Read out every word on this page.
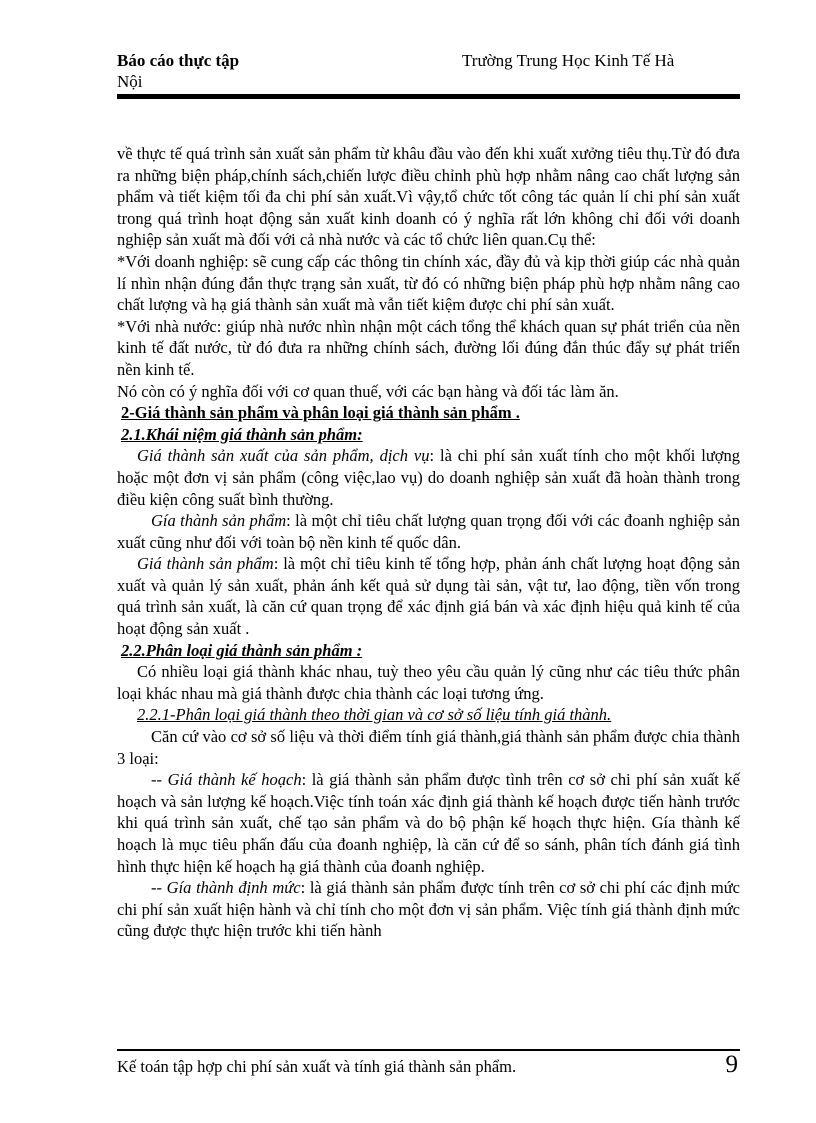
Báo cáo thực tập	Trường Trung Học Kinh Tế Hà
Nội

về thực tế quá trình sản xuất sản phẩm từ khâu đầu vào đến khi xuất xưởng tiêu thụ.Từ đó đưa ra những biện pháp,chính sách,chiến lược điều chỉnh phù hợp nhằm nâng cao chất lượng sản phẩm và tiết kiệm tối đa chi phí sản xuất.Vì vậy,tổ chức tốt công tác quản lí chi phí sản xuất trong quá trình hoạt động sản xuất kinh doanh có ý nghĩa rất lớn không chỉ đối với doanh nghiệp sản xuất mà đối với cả nhà nước và các tổ chức liên quan.Cụ thể:

*Với doanh nghiệp: sẽ cung cấp các thông tin chính xác, đầy đủ và kịp thời giúp các nhà quản lí nhìn nhận đúng đắn thực trạng sản xuất, từ đó có những biện pháp phù hợp nhằm nâng cao chất lượng và hạ giá thành sản xuất mà vẫn tiết kiệm được chi phí sản xuất.

*Với nhà nước: giúp nhà nước nhìn nhận một cách tổng thể khách quan sự phát triển của nền kinh tế đất nước, từ đó đưa ra những chính sách, đường lối đúng đắn thúc đẩy sự phát triển nền kinh tế.

Nó còn có ý nghĩa đối với cơ quan thuế, với các bạn hàng và đối tác làm ăn.

2-Giá thành sản phẩm và phân loại giá thành sản phẩm .

2.1.Khái niệm giá thành sản phẩm:

Giá thành sản xuất của sản phẩm, dịch vụ: là chi phí sản xuất tính cho một khối lượng hoặc một đơn vị sản phẩm (công việc,lao vụ) do doanh nghiệp sản xuất đã hoàn thành trong điều kiện công suất bình thường.

Gía thành sản phẩm: là một chỉ tiêu chất lượng quan trọng đối với các đoanh nghiệp sản xuất cũng như đối với toàn bộ nền kinh tế quốc dân.

Giá thành sản phẩm: là một chỉ tiêu kinh tế tổng hợp, phản ánh chất lượng hoạt động sản xuất và quản lý sản xuất, phản ánh kết quả sử dụng tài sản, vật tư, lao động, tiền vốn trong quá trình sản xuất, là căn cứ quan trọng để xác định giá bán và xác định hiệu quả kinh tế của hoạt động sản xuất .

2.2.Phân loại giá thành sản phẩm :

Có nhiều loại giá thành khác nhau, tuỳ theo yêu cầu quản lý cũng như các tiêu thức phân loại khác nhau mà giá thành được chia thành các loại tương ứng.

2.2.1-Phân loại giá thành theo thời gian và cơ sở số liệu tính giá thành.

Căn cứ vào cơ sở số liệu và thời điểm tính giá thành,giá thành sản phẩm được chia thành 3 loại:

-- Giá thành kế hoạch: là giá thành sản phẩm được tình trên cơ sở chi phí sản xuất kế hoạch và sản lượng kế hoạch.Việc tính toán xác định giá thành kế hoạch được tiến hành trước khi quá trình sản xuất, chế tạo sản phẩm và do bộ phận kế hoạch thực hiện. Gía thành kế hoạch là mục tiêu phấn đấu của đoanh nghiệp, là căn cứ để so sánh, phân tích đánh giá tình hình thực hiện kế hoạch hạ giá thành của đoanh nghiệp.

-- Gía thành định mức: là giá thành sản phẩm được tính trên cơ sở chi phí các định mức chi phí sản xuất hiện hành và chỉ tính cho một đơn vị sản phẩm. Việc tính giá thành định mức cũng được thực hiện trước khi tiến hành

Kế toán tập hợp chi phí sản xuất và tính giá thành sản phẩm.	9
